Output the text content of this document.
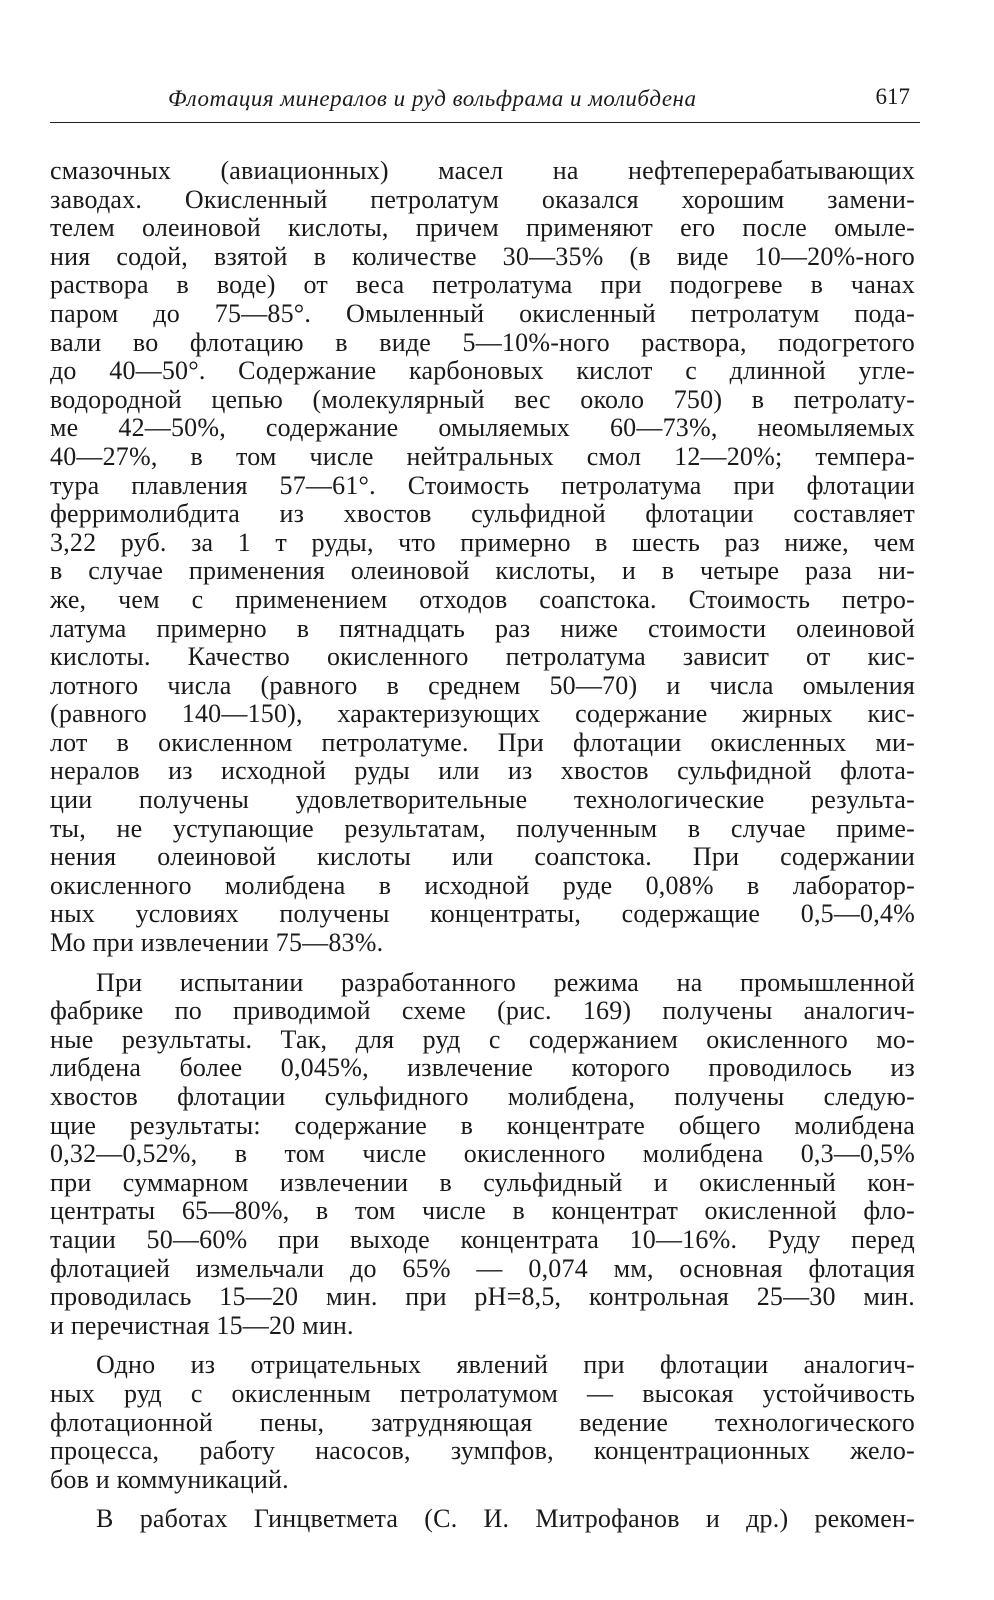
Флотация минералов и руд вольфрама и молибдена	617
смазочных (авиационных) масел на нефтеперерабатывающих
заводах. Окисленный петролатум оказался хорошим замени-
телем олеиновой кислоты, причем применяют его после омыле-
ния содой, взятой в количестве 30—35% (в виде 10—20%-ного
раствора в воде) от веса петролатума при подогреве в чанах
паром до 75—85°. Омыленный окисленный петролатум пода-
вали во флотацию в виде 5—10%-ного раствора, подогретого
до 40—50°. Содержание карбоновых кислот с длинной угле-
водородной цепью (молекулярный вес около 750) в петролату-
ме 42—50%, содержание омыляемых 60—73%, неомыляемых
40—27%, в том числе нейтральных смол 12—20%; темпера-
тура плавления 57—61°. Стоимость петролатума при флотации
ферримолибдита из хвостов сульфидной флотации составляет
3,22 руб. за 1 т руды, что примерно в шесть раз ниже, чем
в случае применения олеиновой кислоты, и в четыре раза ни-
же, чем с применением отходов соапстока. Стоимость петро-
латума примерно в пятнадцать раз ниже стоимости олеиновой
кислоты. Качество окисленного петролатума зависит от кис-
лотного числа (равного в среднем 50—70) и числа омыления
(равного 140—150), характеризующих содержание жирных кис-
лот в окисленном петролатуме. При флотации окисленных ми-
нералов из исходной руды или из хвостов сульфидной флота-
ции получены удовлетворительные технологические результа-
ты, не уступающие результатам, полученным в случае приме-
нения олеиновой кислоты или соапстока. При содержании
окисленного молибдена в исходной руде 0,08% в лаборатор-
ных условиях получены концентраты, содержащие 0,5—0,4%
Мо при извлечении 75—83%.
При испытании разработанного режима на промышленной
фабрике по приводимой схеме (рис. 169) получены аналогич-
ные результаты. Так, для руд с содержанием окисленного мо-
либдена более 0,045%, извлечение которого проводилось из
хвостов флотации сульфидного молибдена, получены следую-
щие результаты: содержание в концентрате общего молибдена
0,32—0,52%, в том числе окисленного молибдена 0,3—0,5%
при суммарном извлечении в сульфидный и окисленный кон-
центраты 65—80%, в том числе в концентрат окисленной фло-
тации 50—60% при выходе концентрата 10—16%. Руду перед
флотацией измельчали до 65% — 0,074 мм, основная флотация
проводилась 15—20 мин. при pH=8,5, контрольная 25—30 мин.
и перечистная 15—20 мин.
Одно из отрицательных явлений при флотации аналогич-
ных руд с окисленным петролатумом — высокая устойчивость
флотационной пены, затрудняющая ведение технологического
процесса, работу насосов, зумпфов, концентрационных жело-
бов и коммуникаций.
В работах Гинцветмета (С. И. Митрофанов и др.) рекомен-
